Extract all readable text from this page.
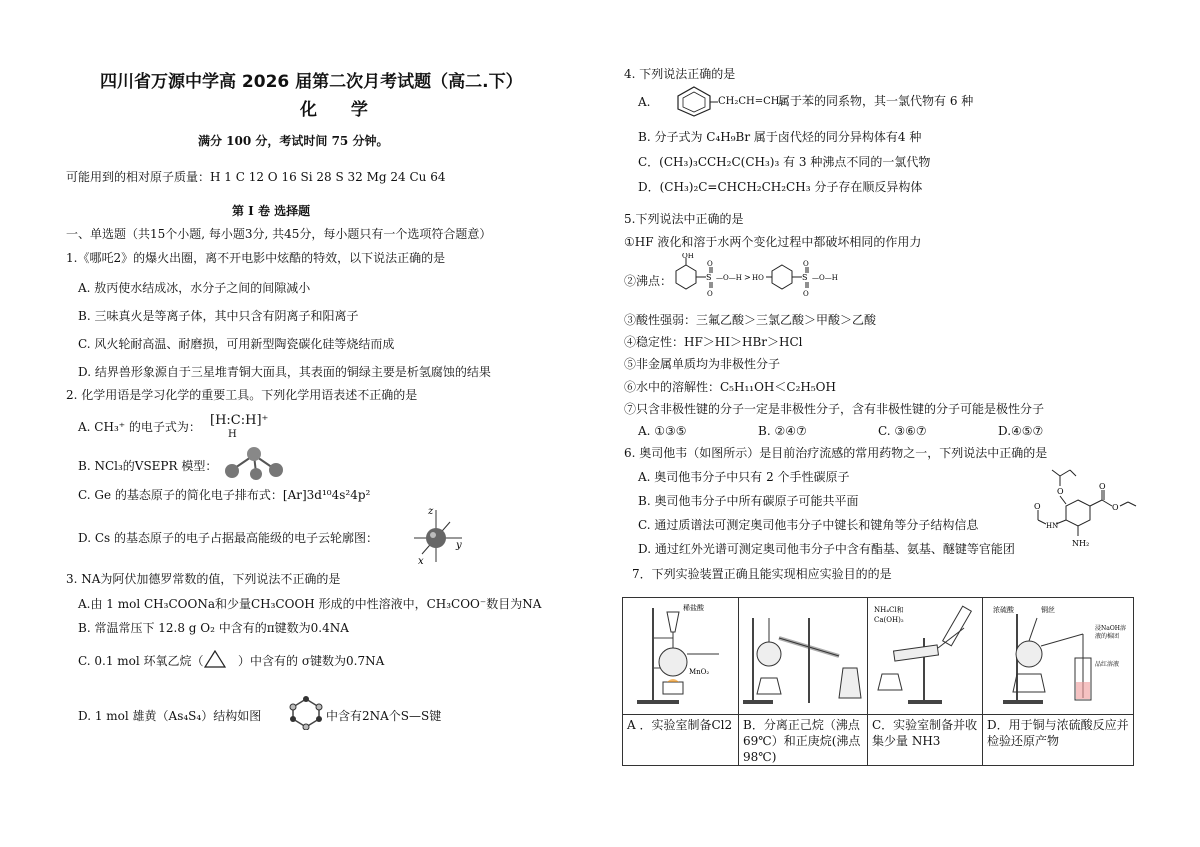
四川省万源中学高 2026 届第二次月考试题（高二.下）
化 学
满分 100 分，考试时间 75 分钟。
可能用到的相对原子质量：H 1 C 12 O 16 Si 28 S 32 Mg 24 Cu 64
第 I 卷 选择题
一、单选题（共15个小题, 每小题3分, 共45分，每小题只有一个选项符合题意）
1.《哪吒2》的爆火出圈，离不开电影中炫酷的特效，以下说法正确的是
A. 敖丙使水结成冰，水分子之间的间隙减小
B. 三味真火是等离子体，其中只含有阴离子和阳离子
C. 风火轮耐高温、耐磨损，可用新型陶瓷碳化硅等烧结而成
D. 结界兽形象源自于三星堆青铜大面具，其表面的铜绿主要是析氢腐蚀的结果
2. 化学用语是学习化学的重要工具。下列化学用语表述不正确的是
A. CH₃⁺ 的电子式为： [H:C:H]⁺
H
B. NCl₃的VSEPR 模型：
C. Ge 的基态原子的简化电子排布式：[Ar]3d¹⁰4s²4p²
D. Cs 的基态原子的电子占据最高能级的电子云轮廓图：
z
y
x
3. NA为阿伏加德罗常数的值，下列说法不正确的是
A.由 1 mol CH₃COONa和少量CH₃COOH 形成的中性溶液中，CH₃COO⁻数目为NA
B. 常温常压下 12.8 g O₂ 中含有的π键数为0.4NA
C. 0.1 mol 环氧乙烷（	）中含有的 σ键数为0.7NA
D. 1 mol 雄黄（As₄S₄）结构如图	中含有2NA个S—S键
4. 下列说法正确的是
A.	CH₂CH=CH₂
属于苯的同系物，其一氯代物有 6 种
B. 分子式为 C₄H₉Br 属于卤代烃的同分异构体有4 种
C．(CH₃)₃CCH₂C(CH₃)₃ 有 3 种沸点不同的一氯代物
D．(CH₃)₂C=CHCH₂CH₂CH₃ 分子存在顺反异构体
5.下列说法中正确的是
①HF 液化和溶于水两个变化过程中都破坏相同的作用力
②沸点：
OH
S
O
O
—O—H > HO	S
O
O
—O—H
③酸性强弱：三氟乙酸＞三氯乙酸＞甲酸＞乙酸
④稳定性：HF＞HI＞HBr＞HCl
⑤非金属单质均为非极性分子
⑥水中的溶解性：C₅H₁₁OH＜C₂H₅OH
⑦只含非极性键的分子一定是非极性分子，含有非极性键的分子可能是极性分子
A. ①③⑤	B. ②④⑦	C. ③⑥⑦	D.④⑤⑦
6. 奥司他韦（如图所示）是目前治疗流感的常用药物之一，下列说法中正确的是
A. 奥司他韦分子中只有 2 个手性碳原子
B. 奥司他韦分子中所有碳原子可能共平面
C. 通过质谱法可测定奥司他韦分子中键长和键角等分子结构信息
D. 通过红外光谱可测定奥司他韦分子中含有酯基、氨基、醚键等官能团
O
O
O
HN
O
NH₂
7．下列实验装置正确且能实现相应实验目的的是
稀盐酸
MnO₂		NH₄Cl和
Ca(OH)₂	浓硫酸 铜丝
浸NaOH溶
液的棉团
品红溶液

A ．实验室制备Cl2	B．分离正己烷（沸点69℃）和正庚烷(沸点98℃)	C．实验室制备并收集少量 NH3	D．用于铜与浓硫酸反应并检验还原产物
